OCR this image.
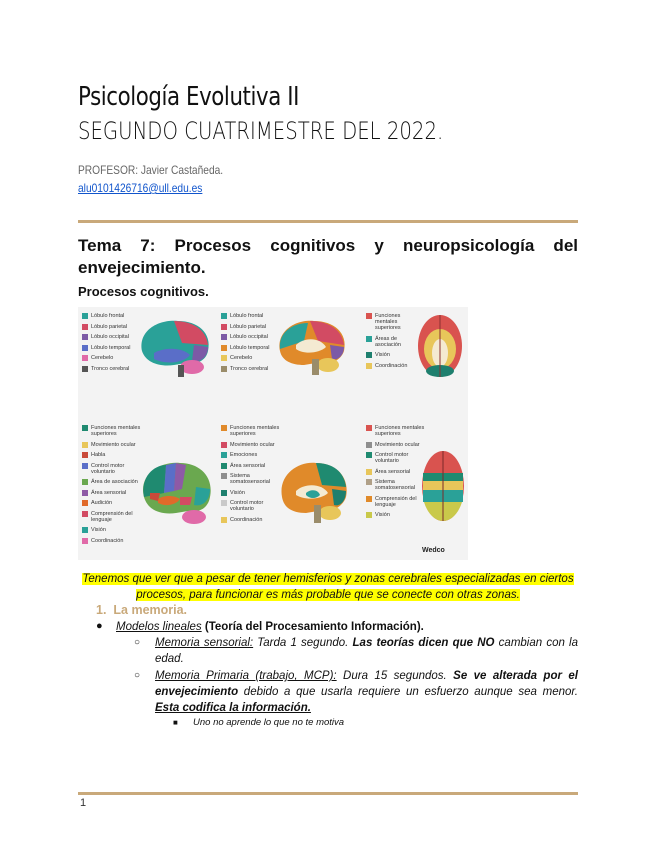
Psicología Evolutiva II
SEGUNDO CUATRIMESTRE DEL 2022.
PROFESOR: Javier Castañeda.
alu0101426716@ull.edu.es
Tema 7: Procesos cognitivos y neuropsicología del envejecimiento.
Procesos cognitivos.
Lóbulo frontal
Lóbulo parietal
Lóbulo occipital
Lóbulo temporal
Cerebelo
Tronco cerebral
Lóbulo frontal
Lóbulo parietal
Lóbulo occipital
Lóbulo temporal
Cerebelo
Tronco cerebral
Funciones mentales superiores
Áreas de asociación
Visión
Coordinación
Funciones mentales superiores
Movimiento ocular
Habla
Control motor voluntario
Área de asociación
Área sensorial
Audición
Comprensión del lenguaje
Visión
Coordinación
Funciones mentales superiores
Movimiento ocular
Emociones
Área sensorial
Sistema somatosensorial
Visión
Control motor voluntario
Coordinación
Funciones mentales superiores
Movimiento ocular
Control motor voluntario
Área sensorial
Sistema somatosensorial
Comprensión del lenguaje
Visión
Wedco
Tenemos que ver que a pesar de tener hemisferios y zonas cerebrales especializadas en ciertos procesos, para funcionar es más probable que se conecte con otras zonas.
1. La memoria.
● Modelos lineales (Teoría del Procesamiento Información).
○ Memoria sensorial: Tarda 1 segundo. Las teorías dicen que NO cambian con la edad.
○ Memoria Primaria (trabajo, MCP): Dura 15 segundos. Se ve alterada por el envejecimiento debido a que usarla requiere un esfuerzo aunque sea menor. Esta codifica la información.
■ Uno no aprende lo que no te motiva
1
